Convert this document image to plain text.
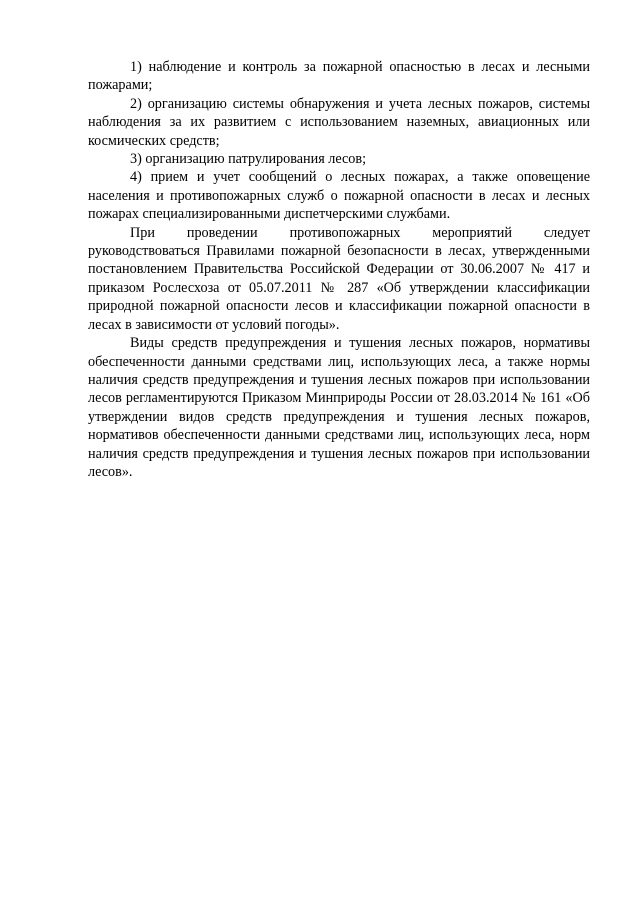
1) наблюдение и контроль за пожарной опасностью в лесах и лесными пожарами;

2) организацию системы обнаружения и учета лесных пожаров, системы наблюдения за их развитием с использованием наземных, авиационных или космических средств;

3) организацию патрулирования лесов;

4) прием и учет сообщений о лесных пожарах, а также оповещение населения и противопожарных служб о пожарной опасности в лесах и лесных пожарах специализированными диспетчерскими службами.

При проведении противопожарных мероприятий следует руководствоваться Правилами пожарной безопасности в лесах, утвержденными постановлением Правительства Российской Федерации от 30.06.2007 № 417 и приказом Рослесхоза от 05.07.2011 № 287 «Об утверждении классификации природной пожарной опасности лесов и классификации пожарной опасности в лесах в зависимости от условий погоды».

Виды средств предупреждения и тушения лесных пожаров, нормативы обеспеченности данными средствами лиц, использующих леса, а также нормы наличия средств предупреждения и тушения лесных пожаров при использовании лесов регламентируются Приказом Минприроды России от 28.03.2014 № 161 «Об утверждении видов средств предупреждения и тушения лесных пожаров, нормативов обеспеченности данными средствами лиц, использующих леса, норм наличия средств предупреждения и тушения лесных пожаров при использовании лесов».
